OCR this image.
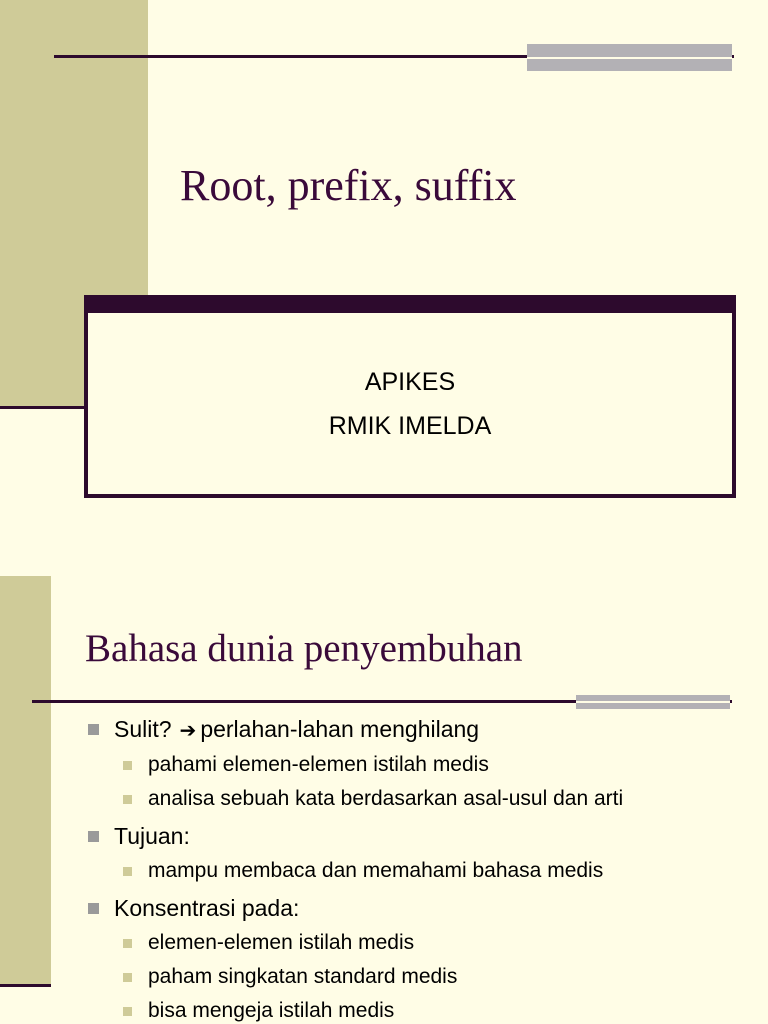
Root, prefix, suffix
APIKES
RMIK IMELDA
Bahasa dunia penyembuhan
Sulit? ➔ perlahan-lahan menghilang
pahami elemen-elemen istilah medis
analisa sebuah kata berdasarkan asal-usul dan arti
Tujuan:
mampu membaca dan memahami bahasa medis
Konsentrasi pada:
elemen-elemen istilah medis
paham singkatan standard medis
bisa mengeja istilah medis
